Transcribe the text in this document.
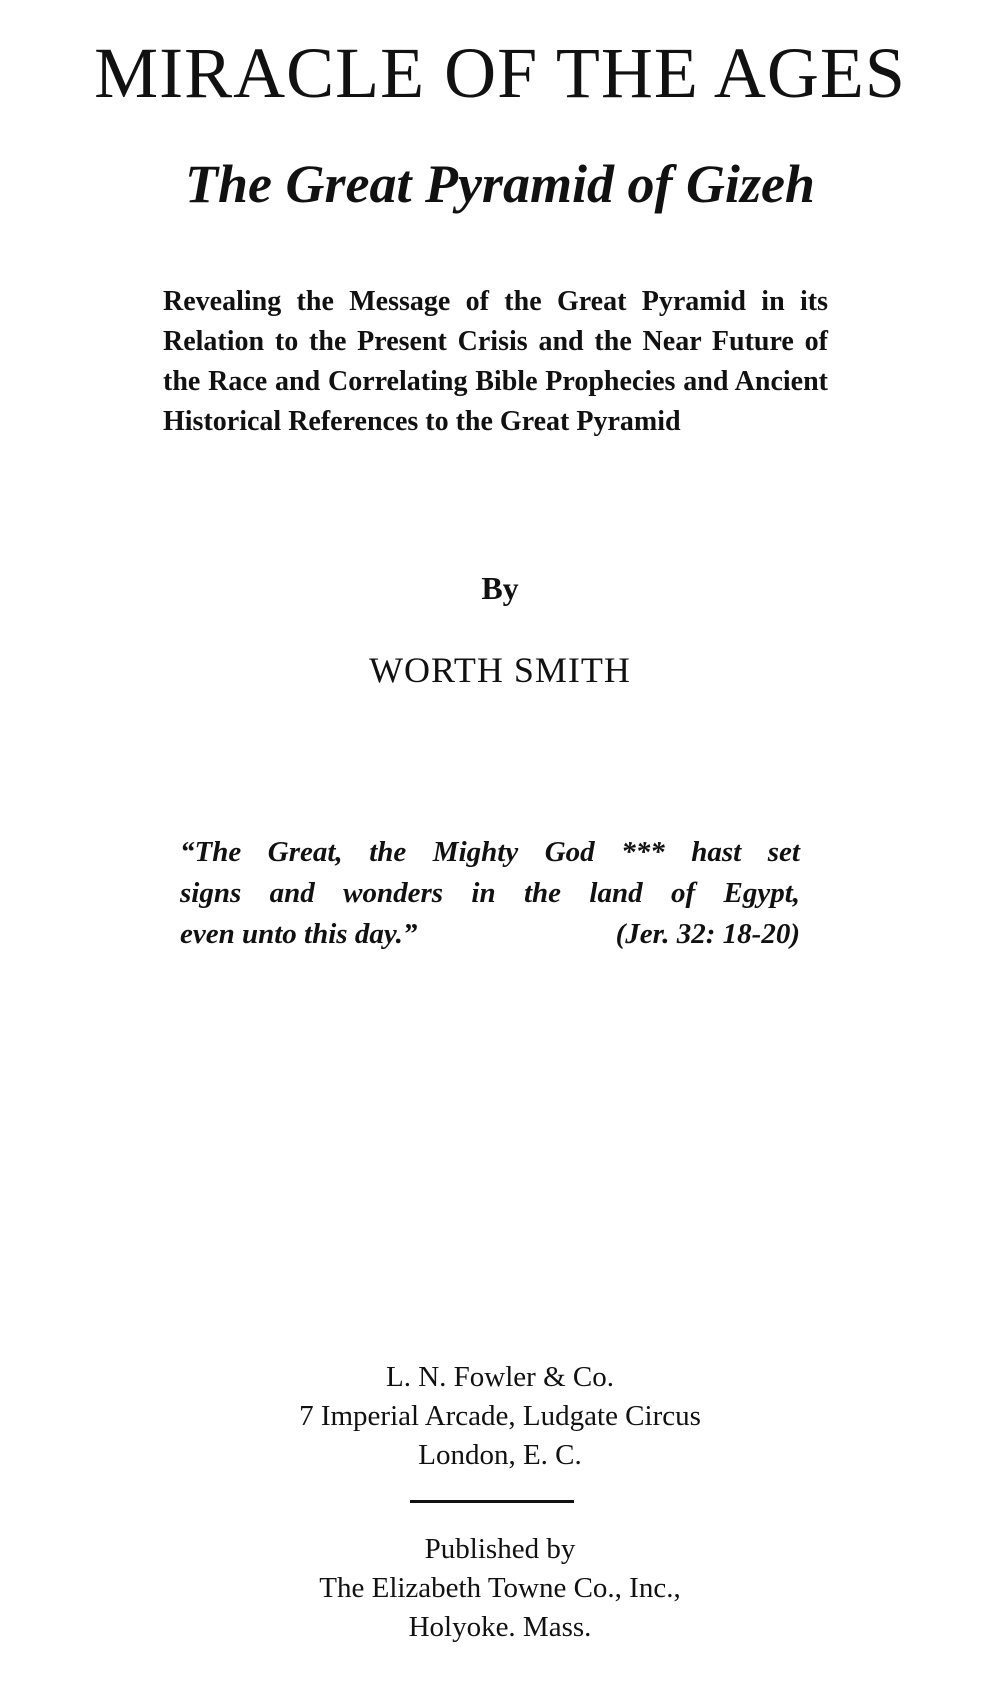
MIRACLE OF THE AGES
The Great Pyramid of Gizeh

Revealing the Message of the Great Pyramid in its Relation to the Present Crisis and the Near Future of the Race and Correlating Bible Prophecies and Ancient Historical References to the Great Pyramid

By

WORTH SMITH

“The Great, the Mighty God *** hast set
signs and wonders in the land of Egypt,
even unto this day.”	(Jer. 32: 18-20)
L. N. Fowler & Co.
7 Imperial Arcade, Ludgate Circus
London, E. C.
Published by
The Elizabeth Towne Co., Inc.,
Holyoke. Mass.
